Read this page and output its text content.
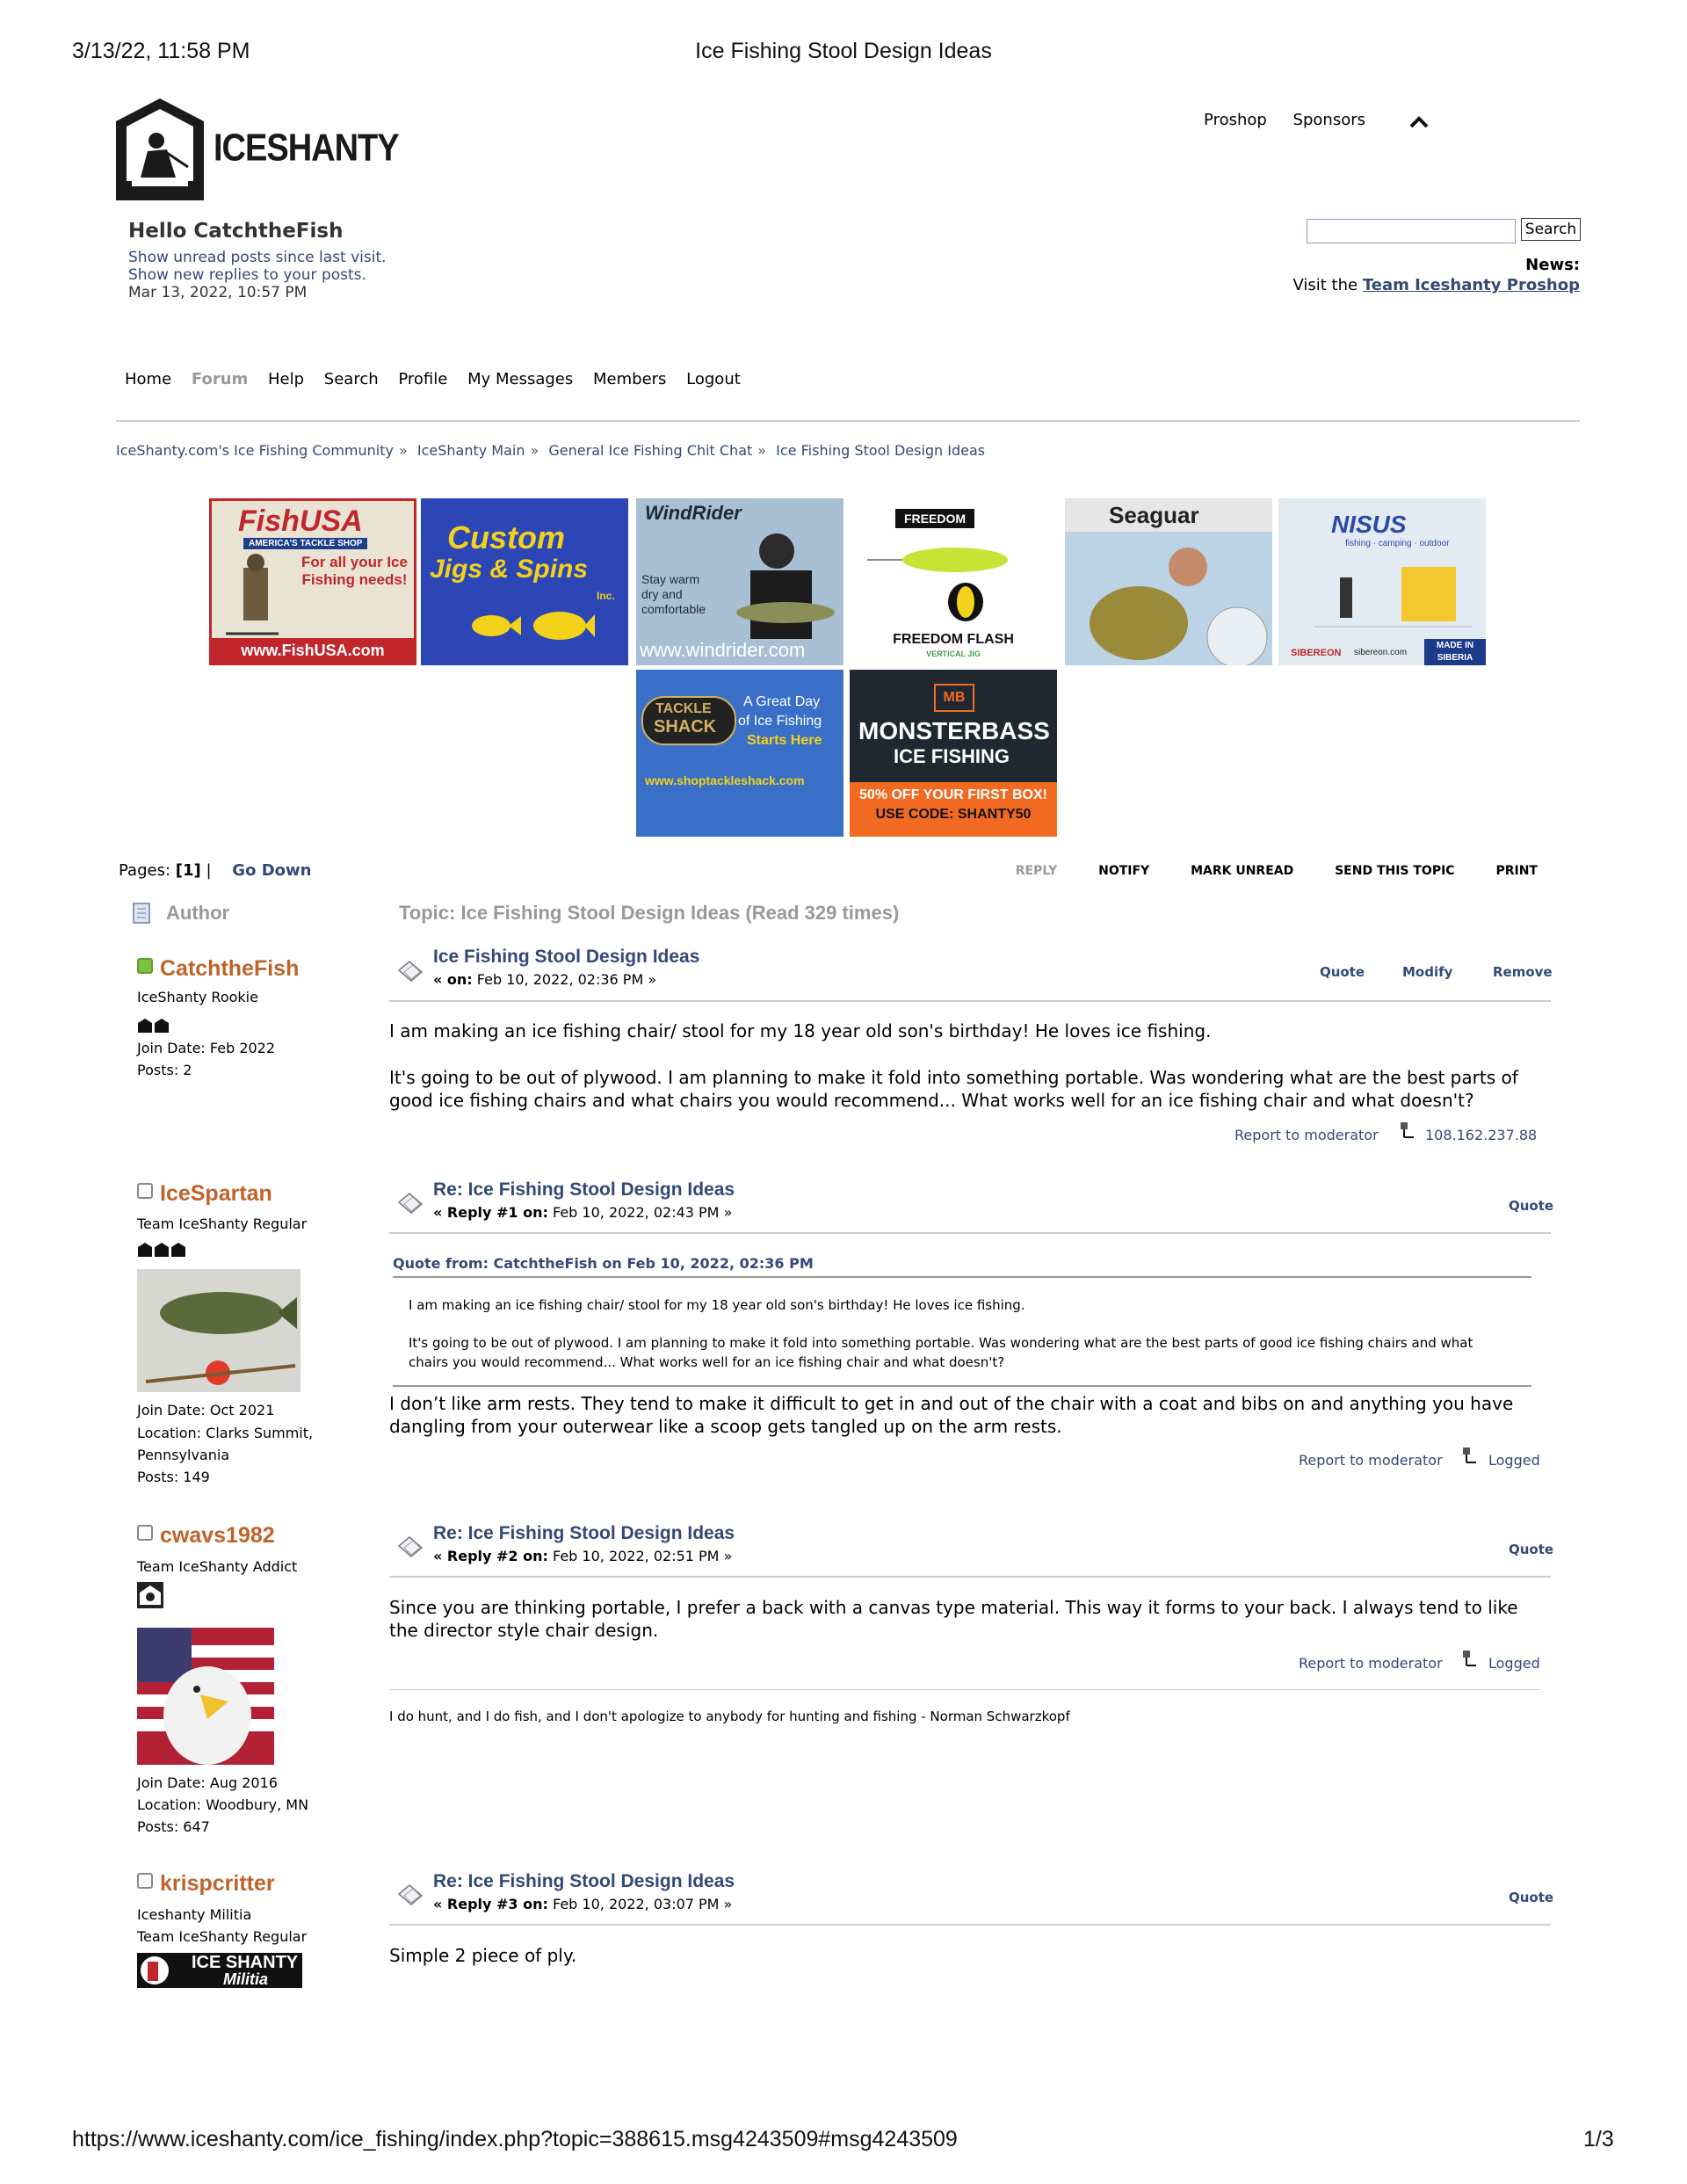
3/13/22, 11:58 PM	Ice Fishing Stool Design Ideas
https://www.iceshanty.com/ice_fishing/index.php?topic=388615.msg4243509#msg4243509	1/3
ICESHANTY
Proshop Sponsors
Hello CatchtheFish
Show unread posts since last visit.
Show new replies to your posts.
Mar 13, 2022, 10:57 PM
Search
News:
Visit the Team Iceshanty Proshop
Home Forum Help Search Profile My Messages Members Logout
IceShanty.com's Ice Fishing Community » IceShanty Main » General Ice Fishing Chit Chat » Ice Fishing Stool Design Ideas
FishUSA
AMERICA'S TACKLE SHOP
For all your Ice Fishing needs!
www.FishUSA.com
Custom
Jigs & Spins
Inc.
WindRider
Stay warm dry and comfortable
www.windrider.com
FREEDOM
FREEDOM FLASH
VERTICAL JIG
Seaguar	NISUS
fishing · camping · outdoor
SIBEREON sibereon.com
MADE IN SIBERIA
TACKLE
SHACK
A Great Day
of Ice Fishing
Starts Here
www.shoptackleshack.com
MB
MONSTERBASS
ICE FISHING
50% OFF YOUR FIRST BOX!
USE CODE: SHANTY50
Pages: [1] | Go Down	REPLY	NOTIFY	MARK UNREAD	SEND THIS TOPIC	PRINT
Author	Topic: Ice Fishing Stool Design Ideas (Read 329 times)
CatchtheFish
IceShanty Rookie
Join Date: Feb 2022
Posts: 2
Ice Fishing Stool Design Ideas
« on: Feb 10, 2022, 02:36 PM »	Quote	Modify	Remove
I am making an ice fishing chair/ stool for my 18 year old son's birthday! He loves ice fishing.
It's going to be out of plywood. I am planning to make it fold into something portable. Was wondering what are the best parts of good ice fishing chairs and what chairs you would recommend... What works well for an ice fishing chair and what doesn't?
Report to moderator	108.162.237.88
IceSpartan
Team IceShanty Regular
Join Date: Oct 2021
Location: Clarks Summit,
Pennsylvania
Posts: 149
Re: Ice Fishing Stool Design Ideas
« Reply #1 on: Feb 10, 2022, 02:43 PM »	Quote
Quote from: CatchtheFish on Feb 10, 2022, 02:36 PM
I am making an ice fishing chair/ stool for my 18 year old son's birthday! He loves ice fishing.
It's going to be out of plywood. I am planning to make it fold into something portable. Was wondering what are the best parts of good ice fishing chairs and what chairs you would recommend... What works well for an ice fishing chair and what doesn't?
I don’t like arm rests. They tend to make it difficult to get in and out of the chair with a coat and bibs on and anything you have dangling from your outerwear like a scoop gets tangled up on the arm rests.
Report to moderator	Logged
cwavs1982
Team IceShanty Addict
Join Date: Aug 2016
Location: Woodbury, MN
Posts: 647
Re: Ice Fishing Stool Design Ideas
« Reply #2 on: Feb 10, 2022, 02:51 PM »	Quote
Since you are thinking portable, I prefer a back with a canvas type material. This way it forms to your back. I always tend to like the director style chair design.
Report to moderator	Logged
I do hunt, and I do fish, and I don't apologize to anybody for hunting and fishing - Norman Schwarzkopf
krispcritter
Iceshanty Militia
Team IceShanty Regular
ICE SHANTY
Militia
Re: Ice Fishing Stool Design Ideas
« Reply #3 on: Feb 10, 2022, 03:07 PM »	Quote
Simple 2 piece of ply.
